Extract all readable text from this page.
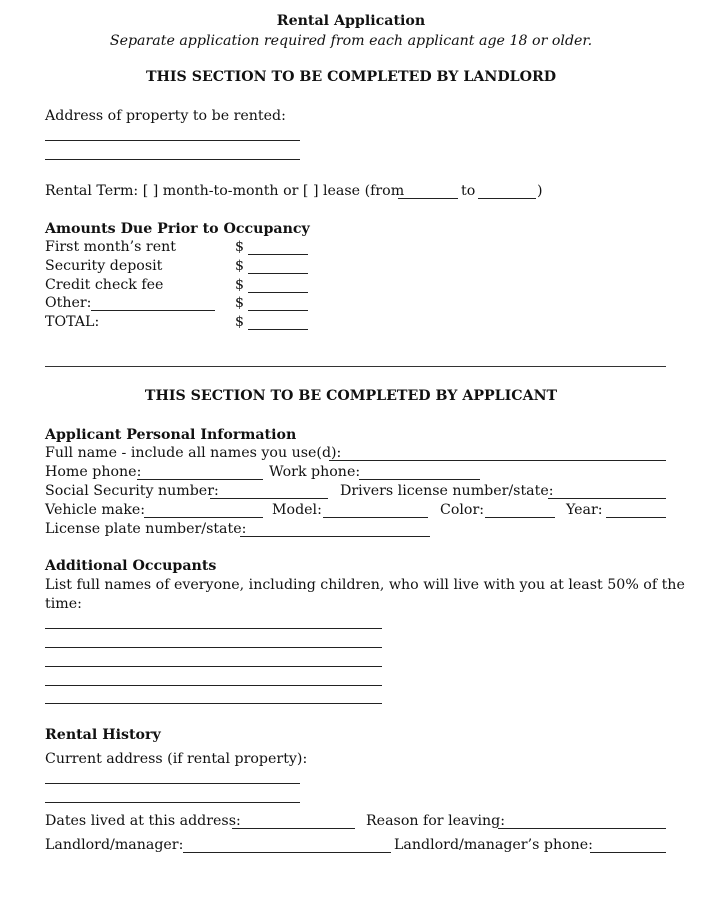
Rental Application
Separate application required from each applicant age 18 or older.
THIS SECTION TO BE COMPLETED BY LANDLORD
Address of property to be rented:
Rental Term: [ ] month-to-month or [ ] lease (from	to	)
Amounts Due Prior to Occupancy
First month’s rent	$
Security deposit	$
Credit check fee	$
Other:	$
TOTAL:	$
THIS SECTION TO BE COMPLETED BY APPLICANT
Applicant Personal Information
Full name - include all names you use(d):
Home phone:	Work phone:
Social Security number:	Drivers license number/state:
Vehicle make:	Model:	Color:	Year:
License plate number/state:
Additional Occupants
List full names of everyone, including children, who will live with you at least 50% of the
time:
Rental History
Current address (if rental property):
Dates lived at this address:	Reason for leaving:
Landlord/manager:	Landlord/manager’s phone:
